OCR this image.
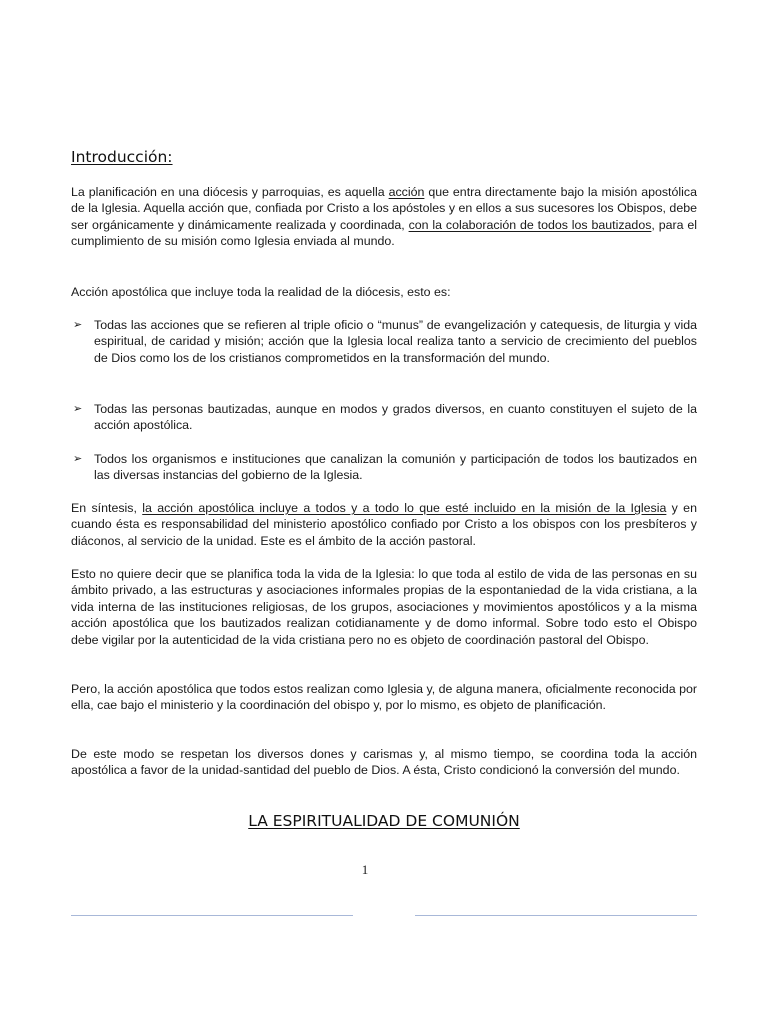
Introducción:

La planificación en una diócesis y parroquias, es aquella acción que entra directamente bajo la misión apostólica de la Iglesia. Aquella acción que, confiada por Cristo a los apóstoles y en ellos a sus sucesores los Obispos, debe ser orgánicamente y dinámicamente realizada y coordinada, con la colaboración de todos los bautizados, para el cumplimiento de su misión como Iglesia enviada al mundo.

Acción apostólica que incluye toda la realidad de la diócesis, esto es:

➢ Todas las acciones que se refieren al triple oficio o “munus” de evangelización y catequesis, de liturgia y vida espiritual, de caridad y misión; acción que la Iglesia local realiza tanto a servicio de crecimiento del pueblos de Dios como los de los cristianos comprometidos en la transformación del mundo.
➢ Todas las personas bautizadas, aunque en modos y grados diversos, en cuanto constituyen el sujeto de la acción apostólica.
➢ Todos los organismos e instituciones que canalizan la comunión y participación de todos los bautizados en las diversas instancias del gobierno de la Iglesia.

En síntesis, la acción apostólica incluye a todos y a todo lo que esté incluido en la misión de la Iglesia y en cuando ésta es responsabilidad del ministerio apostólico confiado por Cristo a los obispos con los presbíteros y diáconos, al servicio de la unidad. Este es el ámbito de la acción pastoral.

Esto no quiere decir que se planifica toda la vida de la Iglesia: lo que toda al estilo de vida de las personas en su ámbito privado, a las estructuras y asociaciones informales propias de la espontaniedad de la vida cristiana, a la vida interna de las instituciones religiosas, de los grupos, asociaciones y movimientos apostólicos y a la misma acción apostólica que los bautizados realizan cotidianamente y de domo informal. Sobre todo esto el Obispo debe vigilar por la autenticidad de la vida cristiana pero no es objeto de coordinación pastoral del Obispo.

Pero, la acción apostólica que todos estos realizan como Iglesia y, de alguna manera, oficialmente reconocida por ella, cae bajo el ministerio y la coordinación del obispo y, por lo mismo, es objeto de planificación.

De este modo se respetan los diversos dones y carismas y, al mismo tiempo, se coordina toda la acción apostólica a favor de la unidad-santidad del pueblo de Dios. A ésta, Cristo condicionó la conversión del mundo.

LA ESPIRITUALIDAD DE COMUNIÓN
1
